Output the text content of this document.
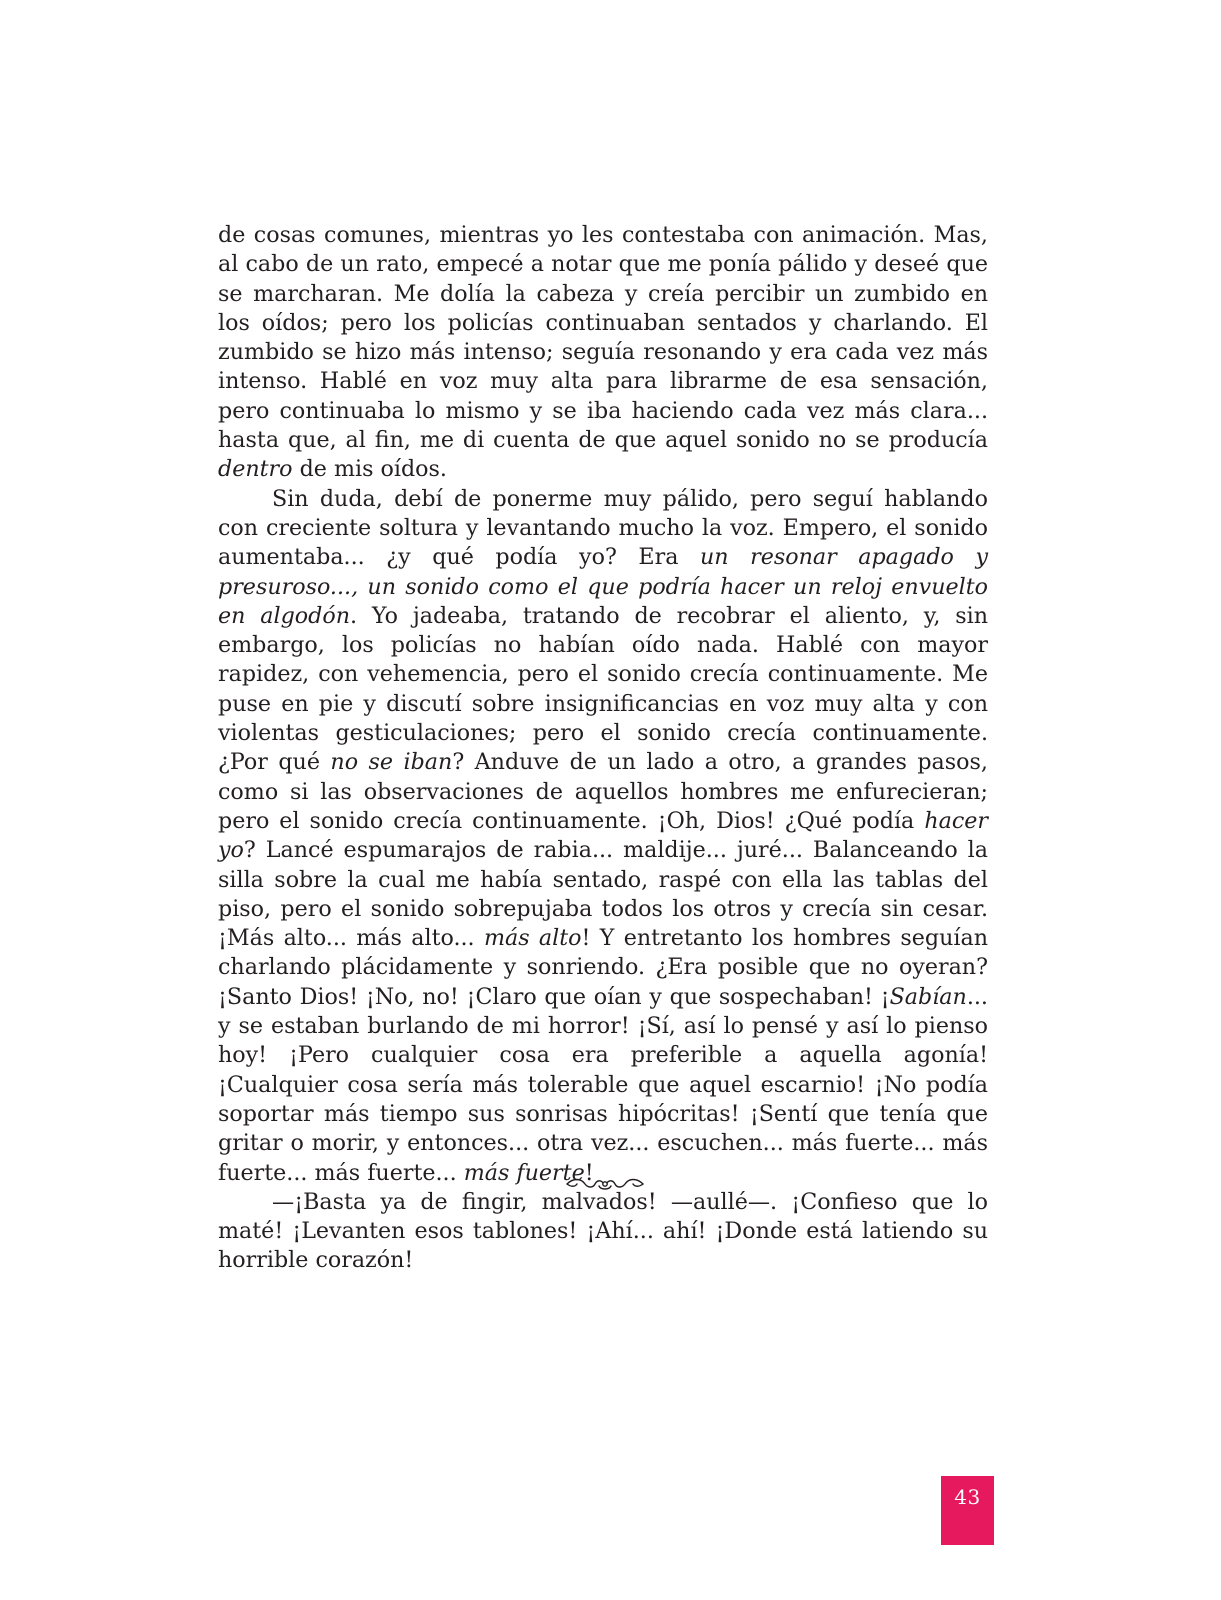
de cosas comunes, mientras yo les contestaba con animación. Mas, al cabo de un rato, empecé a notar que me ponía pálido y deseé que se marcharan. Me dolía la cabeza y creía percibir un zumbido en los oídos; pero los policías continuaban sentados y charlando. El zumbido se hizo más intenso; seguía resonando y era cada vez más intenso. Hablé en voz muy alta para librarme de esa sensación, pero continuaba lo mismo y se iba haciendo cada vez más clara... hasta que, al fin, me di cuenta de que aquel sonido no se producía dentro de mis oídos.

Sin duda, debí de ponerme muy pálido, pero seguí hablando con creciente soltura y levantando mucho la voz. Empero, el sonido aumentaba... ¿y qué podía yo? Era un resonar apagado y presuroso..., un sonido como el que podría hacer un reloj envuelto en algodón. Yo jadeaba, tratando de recobrar el aliento, y, sin embargo, los policías no habían oído nada. Hablé con mayor rapidez, con vehemencia, pero el sonido crecía continuamente. Me puse en pie y discutí sobre insignificancias en voz muy alta y con violentas gesticulaciones; pero el sonido crecía continuamente. ¿Por qué no se iban? Anduve de un lado a otro, a grandes pasos, como si las observaciones de aquellos hombres me enfurecieran; pero el sonido crecía continuamente. ¡Oh, Dios! ¿Qué podía hacer yo? Lancé espumarajos de rabia... maldije... juré... Balanceando la silla sobre la cual me había sentado, raspé con ella las tablas del piso, pero el sonido sobrepujaba todos los otros y crecía sin cesar. ¡Más alto... más alto... más alto! Y entretanto los hombres seguían charlando plácidamente y sonriendo. ¿Era posible que no oyeran? ¡Santo Dios! ¡No, no! ¡Claro que oían y que sospechaban! ¡Sabían... y se estaban burlando de mi horror! ¡Sí, así lo pensé y así lo pienso hoy! ¡Pero cualquier cosa era preferible a aquella agonía! ¡Cualquier cosa sería más tolerable que aquel escarnio! ¡No podía soportar más tiempo sus sonrisas hipócritas! ¡Sentí que tenía que gritar o morir, y entonces... otra vez... escuchen... más fuerte... más fuerte... más fuerte... más fuerte!

—¡Basta ya de fingir, malvados! —aullé—. ¡Confieso que lo maté! ¡Levanten esos tablones! ¡Ahí... ahí! ¡Donde está latiendo su horrible corazón!

43
